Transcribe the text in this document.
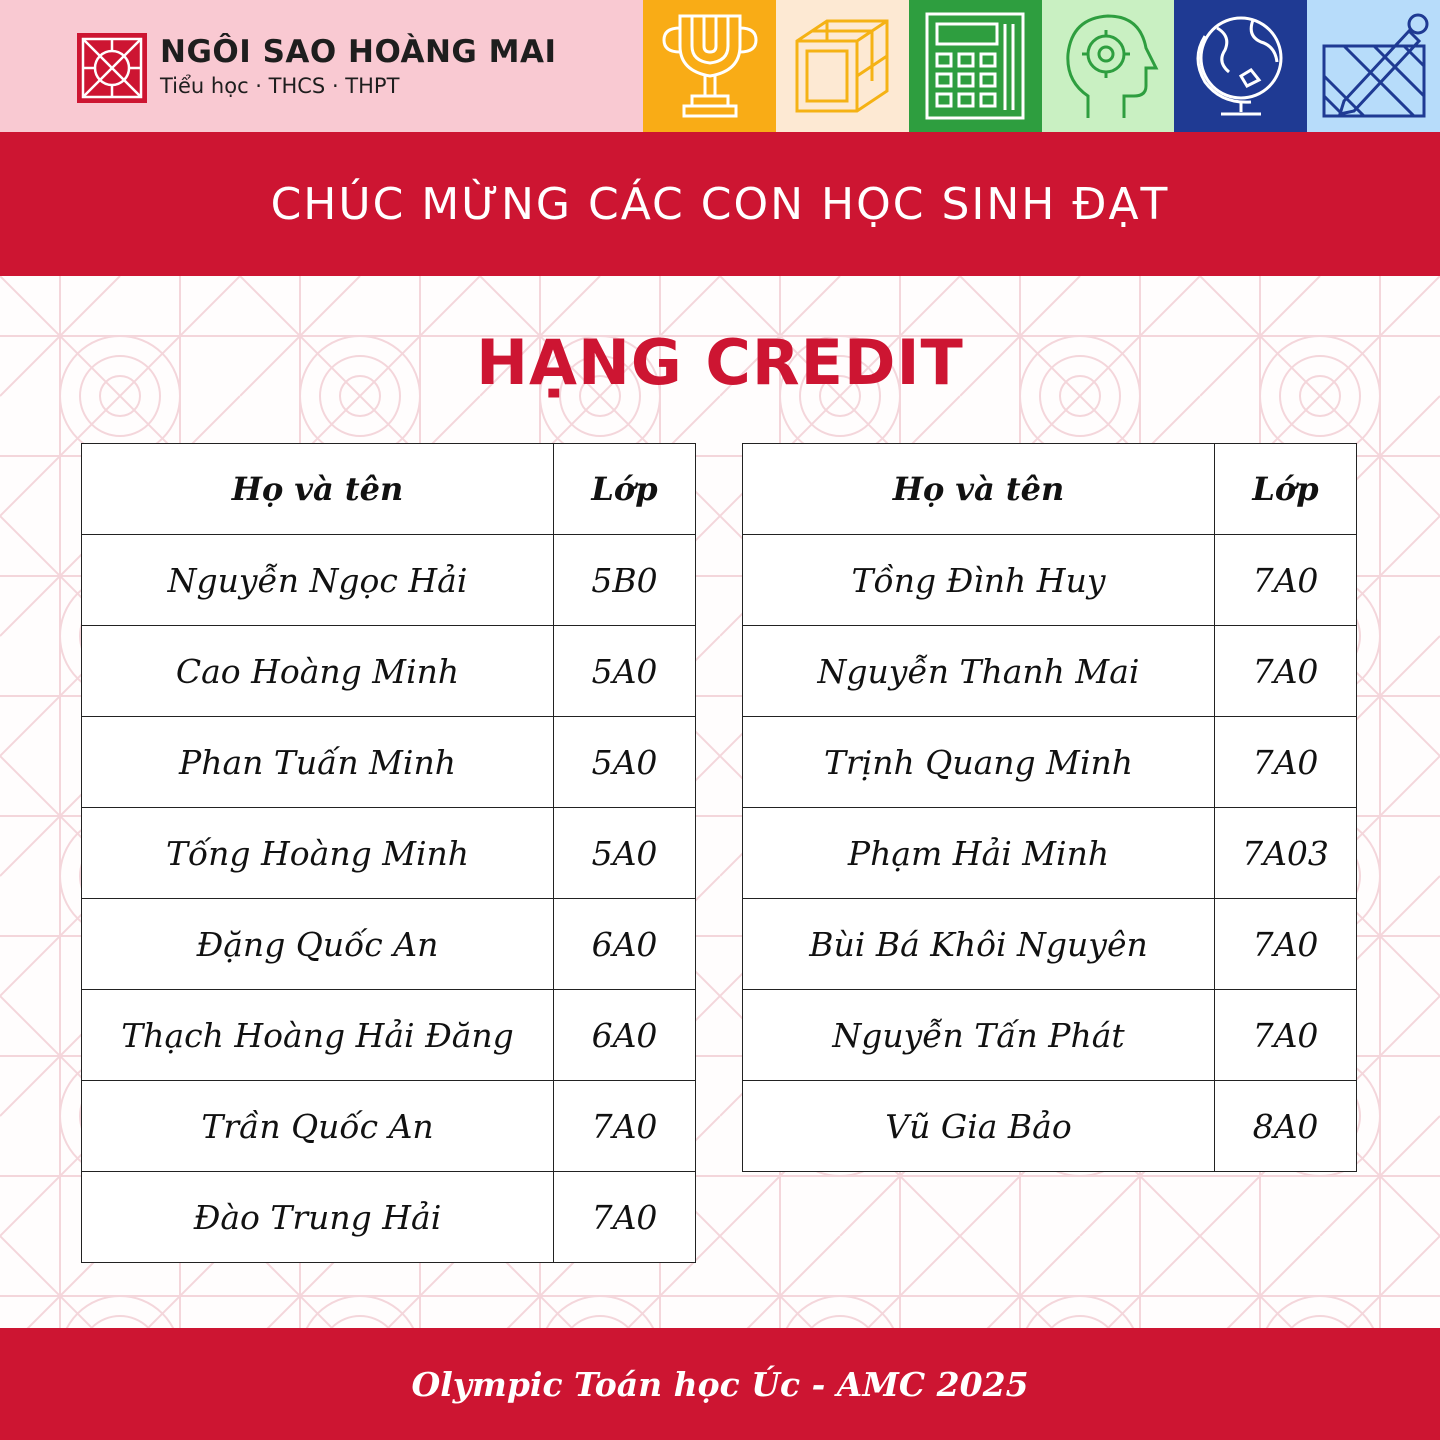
NGÔI SAO HOÀNG MAI
Tiểu học · THCS · THPT
CHÚC MỪNG CÁC CON HỌC SINH ĐẠT
HẠNG CREDIT
Họ và tên	Lớp
Nguyễn Ngọc Hải	5B0
Cao Hoàng Minh	5A0
Phan Tuấn Minh	5A0
Tống Hoàng Minh	5A0
Đặng Quốc An	6A0
Thạch Hoàng Hải Đăng	6A0
Trần Quốc An	7A0
Đào Trung Hải	7A0
Họ và tên	Lớp
Tồng Đình Huy	7A0
Nguyễn Thanh Mai	7A0
Trịnh Quang Minh	7A0
Phạm Hải Minh	7A03
Bùi Bá Khôi Nguyên	7A0
Nguyễn Tấn Phát	7A0
Vũ Gia Bảo	8A0
Olympic Toán học Úc - AMC 2025
